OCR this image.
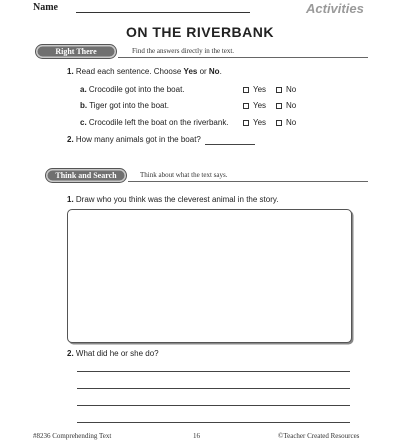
Name	Activities
ON THE RIVERBANK
Right There	Find the answers directly in the text.
1. Read each sentence. Choose Yes or No.
a. Crocodile got into the boat.	Yes No
b. Tiger got into the boat.	Yes No
c. Crocodile left the boat on the riverbank.	Yes No
2. How many animals got in the boat?
Think and Search	Think about what the text says.
1. Draw who you think was the cleverest animal in the story.
2. What did he or she do?
#8236 Comprehending Text	16	©Teacher Created Resources
